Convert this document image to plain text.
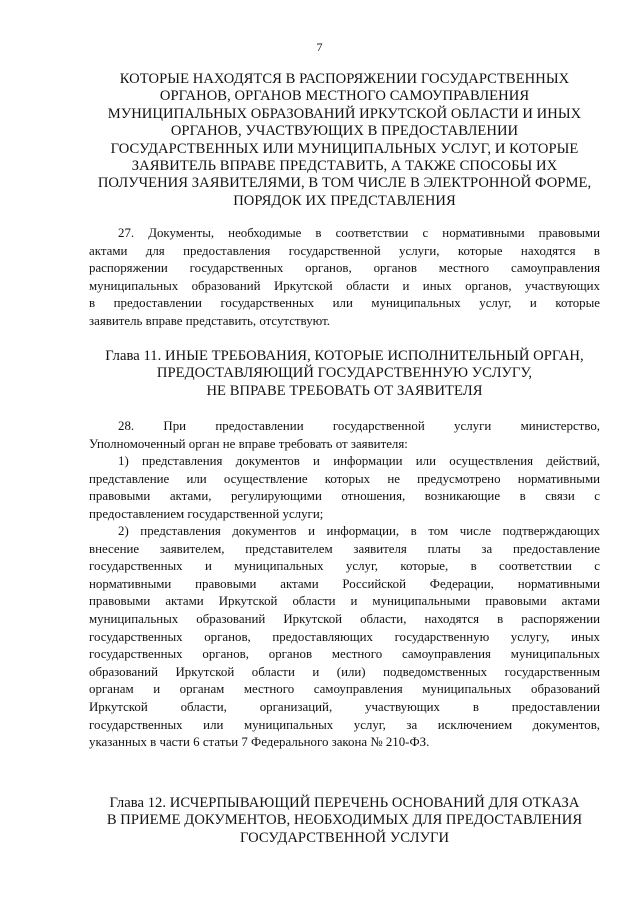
7
КОТОРЫЕ НАХОДЯТСЯ В РАСПОРЯЖЕНИИ ГОСУДАРСТВЕННЫХ
ОРГАНОВ, ОРГАНОВ МЕСТНОГО САМОУПРАВЛЕНИЯ
МУНИЦИПАЛЬНЫХ ОБРАЗОВАНИЙ ИРКУТСКОЙ ОБЛАСТИ И ИНЫХ
ОРГАНОВ, УЧАСТВУЮЩИХ В ПРЕДОСТАВЛЕНИИ
ГОСУДАРСТВЕННЫХ ИЛИ МУНИЦИПАЛЬНЫХ УСЛУГ, И КОТОРЫЕ
ЗАЯВИТЕЛЬ ВПРАВЕ ПРЕДСТАВИТЬ, А ТАКЖЕ СПОСОБЫ ИХ
ПОЛУЧЕНИЯ ЗАЯВИТЕЛЯМИ, В ТОМ ЧИСЛЕ В ЭЛЕКТРОННОЙ ФОРМЕ,
ПОРЯДОК ИХ ПРЕДСТАВЛЕНИЯ
27. Документы, необходимые в соответствии с нормативными правовыми
актами для предоставления государственной услуги, которые находятся в
распоряжении государственных органов, органов местного самоуправления
муниципальных образований Иркутской области и иных органов, участвующих
в предоставлении государственных или муниципальных услуг, и которые
заявитель вправе представить, отсутствуют.
Глава 11. ИНЫЕ ТРЕБОВАНИЯ, КОТОРЫЕ ИСПОЛНИТЕЛЬНЫЙ ОРГАН,
ПРЕДОСТАВЛЯЮЩИЙ ГОСУДАРСТВЕННУЮ УСЛУГУ,
НЕ ВПРАВЕ ТРЕБОВАТЬ ОТ ЗАЯВИТЕЛЯ
28. При предоставлении государственной услуги министерство,
Уполномоченный орган не вправе требовать от заявителя:
1) представления документов и информации или осуществления действий,
представление или осуществление которых не предусмотрено нормативными
правовыми актами, регулирующими отношения, возникающие в связи с
предоставлением государственной услуги;
2) представления документов и информации, в том числе подтверждающих
внесение заявителем, представителем заявителя платы за предоставление
государственных и муниципальных услуг, которые, в соответствии с
нормативными правовыми актами Российской Федерации, нормативными
правовыми актами Иркутской области и муниципальными правовыми актами
муниципальных образований Иркутской области, находятся в распоряжении
государственных органов, предоставляющих государственную услугу, иных
государственных органов, органов местного самоуправления муниципальных
образований Иркутской области и (или) подведомственных государственным
органам и органам местного самоуправления муниципальных образований
Иркутской области, организаций, участвующих в предоставлении
государственных или муниципальных услуг, за исключением документов,
указанных в части 6 статьи 7 Федерального закона № 210-ФЗ.
Глава 12. ИСЧЕРПЫВАЮЩИЙ ПЕРЕЧЕНЬ ОСНОВАНИЙ ДЛЯ ОТКАЗА
В ПРИЕМЕ ДОКУМЕНТОВ, НЕОБХОДИМЫХ ДЛЯ ПРЕДОСТАВЛЕНИЯ
ГОСУДАРСТВЕННОЙ УСЛУГИ
